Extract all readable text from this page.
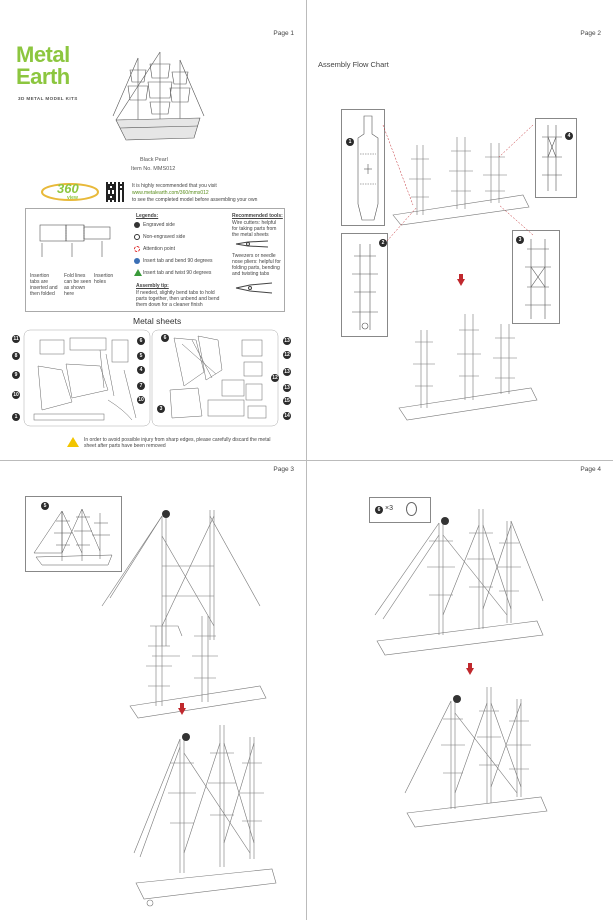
Page 1
Metal
Earth
3D METAL MODEL KITS
Black Pearl
Item No. MMS012
360
view
It is highly recommended that you visit
www.metalearth.com/360/mms012
to see the completed model before assembling your own
Insertion tabs are inserted and then folded
Fold lines can be seen as shown here
Insertion holes
Legends:
Engraved side
Non-engraved side
Attention point
Insert tab and bend 90 degrees
Insert tab and twist 90 degrees
Assembly tip:
If needed, slightly bend tabs to hold parts together, then unbend and bend them down for a cleaner finish
Recommended tools:
Wire cutters: helpful for taking parts from the metal sheets
Tweezers or needle nose pliers: helpful for folding parts, bending and twisting tabs
Metal sheets
11
8
9
10
1
6
5
4
7
10
6
3
13
12
12
13
13
15
14
In order to avoid possible injury from sharp edges, please carefully discard the metal sheet after parts have been removed
Page 2
Assembly Flow Chart
1
2	3
4
Page 3
5
Page 4
6 ×3
